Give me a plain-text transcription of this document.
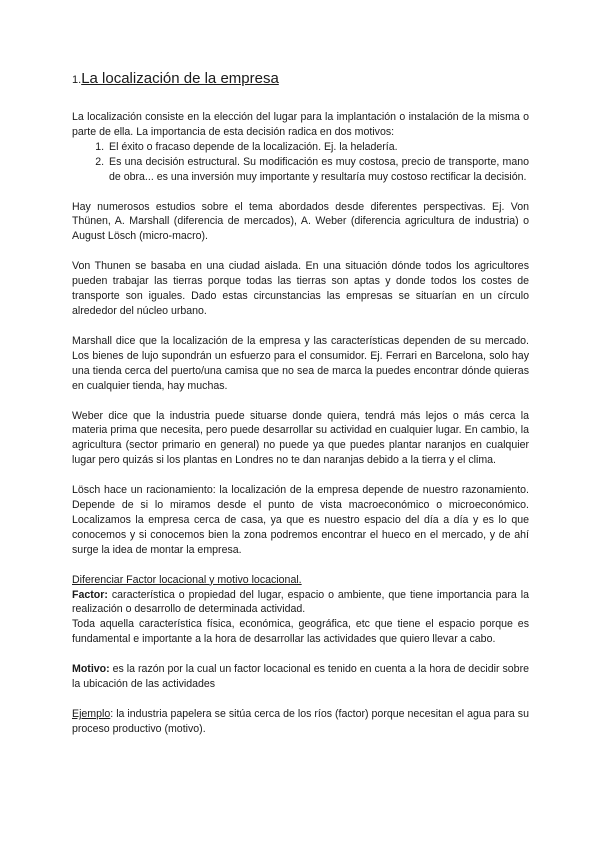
1.La localización de la empresa

La localización consiste en la elección del lugar para la implantación o instalación de la misma o parte de ella. La importancia de esta decisión radica en dos motivos:

1. El éxito o fracaso depende de la localización. Ej. la heladería.
2. Es una decisión estructural. Su modificación es muy costosa, precio de transporte, mano de obra... es una inversión muy importante y resultaría muy costoso rectificar la decisión.

Hay numerosos estudios sobre el tema abordados desde diferentes perspectivas. Ej. Von Thünen, A. Marshall (diferencia de mercados), A. Weber (diferencia agricultura de industria) o August Lösch (micro-macro).

Von Thunen se basaba en una ciudad aislada. En una situación dónde todos los agricultores pueden trabajar las tierras porque todas las tierras son aptas y donde todos los costes de transporte son iguales. Dado estas circunstancias las empresas se situarían en un círculo alrededor del núcleo urbano.

Marshall dice que la localización de la empresa y las características dependen de su mercado. Los bienes de lujo supondrán un esfuerzo para el consumidor. Ej. Ferrari en Barcelona, solo hay una tienda cerca del puerto/una camisa que no sea de marca la puedes encontrar dónde quieras en cualquier tienda, hay muchas.

Weber dice que la industria puede situarse donde quiera, tendrá más lejos o más cerca la materia prima que necesita, pero puede desarrollar su actividad en cualquier lugar. En cambio, la agricultura (sector primario en general) no puede ya que puedes plantar naranjos en cualquier lugar pero quizás si los plantas en Londres no te dan naranjas debido a la tierra y el clima.

Lösch hace un racionamiento: la localización de la empresa depende de nuestro razonamiento. Depende de si lo miramos desde el punto de vista macroeconómico o microeconómico. Localizamos la empresa cerca de casa, ya que es nuestro espacio del día a día y es lo que conocemos y si conocemos bien la zona podremos encontrar el hueco en el mercado, y de ahí surge la idea de montar la empresa.

Diferenciar Factor locacional y motivo locacional.

Factor: característica o propiedad del lugar, espacio o ambiente, que tiene importancia para la realización o desarrollo de determinada actividad.

Toda aquella característica física, económica, geográfica, etc que tiene el espacio porque es fundamental e importante a la hora de desarrollar las actividades que quiero llevar a cabo.

Motivo: es la razón por la cual un factor locacional es tenido en cuenta a la hora de decidir sobre la ubicación de las actividades

Ejemplo: la industria papelera se sitúa cerca de los ríos (factor) porque necesitan el agua para su proceso productivo (motivo).
